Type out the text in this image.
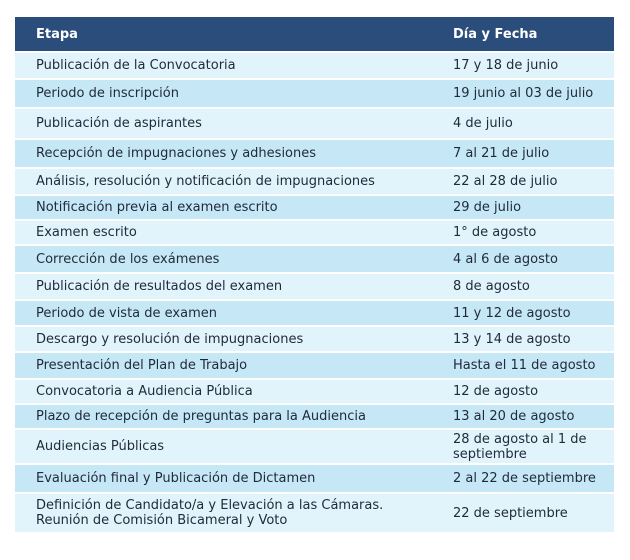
Etapa	Día y Fecha
Publicación de la Convocatoria	17 y 18 de junio
Periodo de inscripción	19 junio al 03 de julio
Publicación de aspirantes	4 de julio
Recepción de impugnaciones y adhesiones	7 al 21 de julio
Análisis, resolución y notificación de impugnaciones	22 al 28 de julio
Notificación previa al examen escrito	29 de julio
Examen escrito	1° de agosto
Corrección de los exámenes	4 al 6 de agosto
Publicación de resultados del examen	8 de agosto
Periodo de vista de examen	11 y 12 de agosto
Descargo y resolución de impugnaciones	13 y 14 de agosto
Presentación del Plan de Trabajo	Hasta el 11 de agosto
Convocatoria a Audiencia Pública	12 de agosto
Plazo de recepción de preguntas para la Audiencia	13 al 20 de agosto
Audiencias Públicas	28 de agosto al 1 de septiembre
Evaluación final y Publicación de Dictamen	2 al 22 de septiembre
Definición de Candidato/a y Elevación a las Cámaras. Reunión de Comisión Bicameral y Voto	22 de septiembre
